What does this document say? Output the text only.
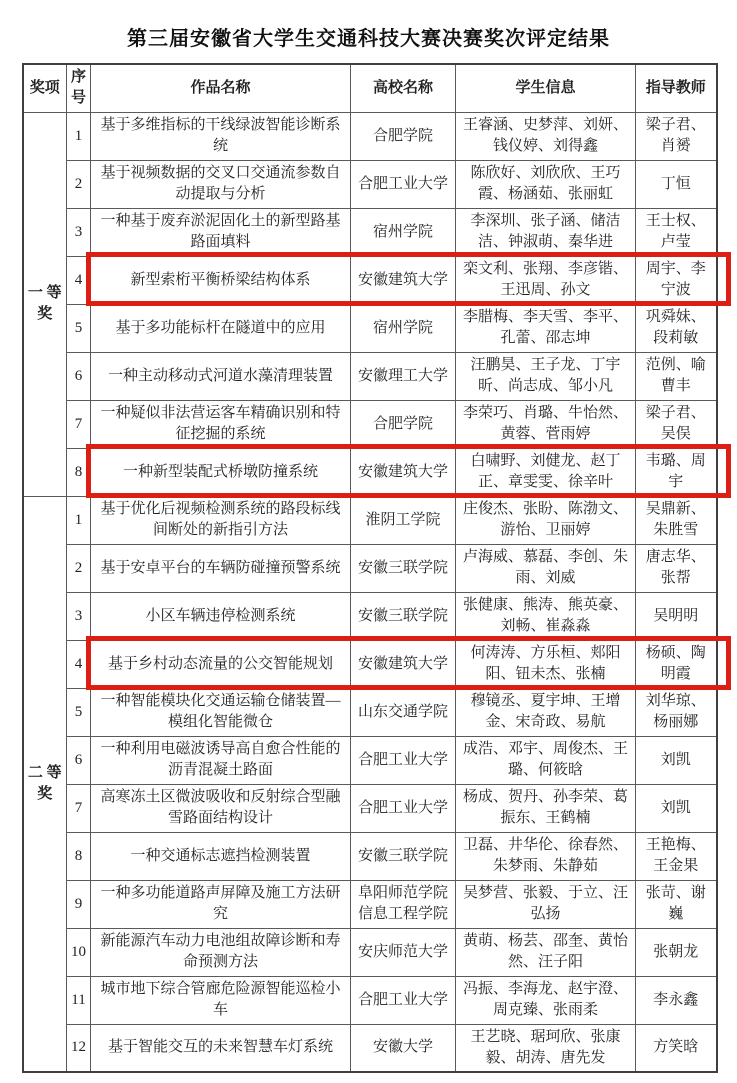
第三届安徽省大学生交通科技大赛决赛奖次评定结果
奖项	序号	作品名称	高校名称	学生信息	指导教师
一 等 奖	1	基于多维指标的干线绿波智能诊断系统	合肥学院	王睿涵、史梦萍、刘妍、钱仪婷、刘得鑫	梁子君、肖赟
	2	基于视频数据的交叉口交通流参数自动提取与分析	合肥工业大学	陈欣好、刘欣欣、王巧霞、杨涵茹、张丽虹	丁恒
	3	一种基于废弃淤泥固化土的新型路基路面填料	宿州学院	李深圳、张子涵、储洁洁、钟淑萌、秦华进	王士权、卢莹
	4	新型索桁平衡桥梁结构体系	安徽建筑大学	栾文利、张翔、李彦锴、王迅周、孙文	周宇、李宁波
	5	基于多功能标杆在隧道中的应用	宿州学院	李腊梅、李天雪、李平、孔蕾、邵志坤	巩舜妹、段莉敏
	6	一种主动移动式河道水藻清理装置	安徽理工大学	汪鹏昊、王子龙、丁宇昕、尚志成、邹小凡	范例、喻曹丰
	7	一种疑似非法营运客车精确识别和特征挖掘的系统	合肥学院	李荣巧、肖璐、牛怡然、黄蓉、菅雨婷	梁子君、吴俣
	8	一种新型装配式桥墩防撞系统	安徽建筑大学	白啸野、刘健龙、赵丁正、章雯雯、徐辛叶	韦璐、周宇
二 等 奖	1	基于优化后视频检测系统的路段标线间断处的新指引方法	淮阴工学院	庄俊杰、张盼、陈渤文、游怡、卫丽婷	吴鼎新、朱胜雪
	2	基于安卓平台的车辆防碰撞预警系统	安徽三联学院	卢海威、慕磊、李创、朱雨、刘威	唐志华、张帮
	3	小区车辆违停检测系统	安徽三联学院	张健康、熊涛、熊英豪、刘畅、崔淼淼	吴明明
	4	基于乡村动态流量的公交智能规划	安徽建筑大学	何涛涛、方乐桓、郏阳阳、钮未杰、张楠	杨硕、陶明霞
	5	一种智能模块化交通运输仓储装置—模组化智能微仓	山东交通学院	穆镜丞、夏宇坤、王增金、宋奇政、易航	刘华琼、杨丽娜
	6	一种利用电磁波诱导高自愈合性能的沥青混凝土路面	合肥工业大学	成浩、邓宇、周俊杰、王璐、何筱晗	刘凯
	7	高寒冻土区微波吸收和反射综合型融雪路面结构设计	合肥工业大学	杨成、贺丹、孙李荣、葛振东、王鹤楠	刘凯
	8	一种交通标志遮挡检测装置	安徽三联学院	卫磊、井华伦、徐春然、朱梦雨、朱静茹	王艳梅、王金果
	9	一种多功能道路声屏障及施工方法研究	阜阳师范学院信息工程学院	吴梦营、张毅、于立、汪弘扬	张苛、谢巍
	10	新能源汽车动力电池组故障诊断和寿命预测方法	安庆师范大学	黄萌、杨芸、邵奎、黄怡然、汪子阳	张朝龙
	11	城市地下综合管廊危险源智能巡检小车	合肥工业大学	冯振、李海龙、赵宇澄、周克臻、张雨柔	李永鑫
	12	基于智能交互的未来智慧车灯系统	安徽大学	王艺晓、琚珂欣、张康毅、胡涛、唐先发	方笑晗
